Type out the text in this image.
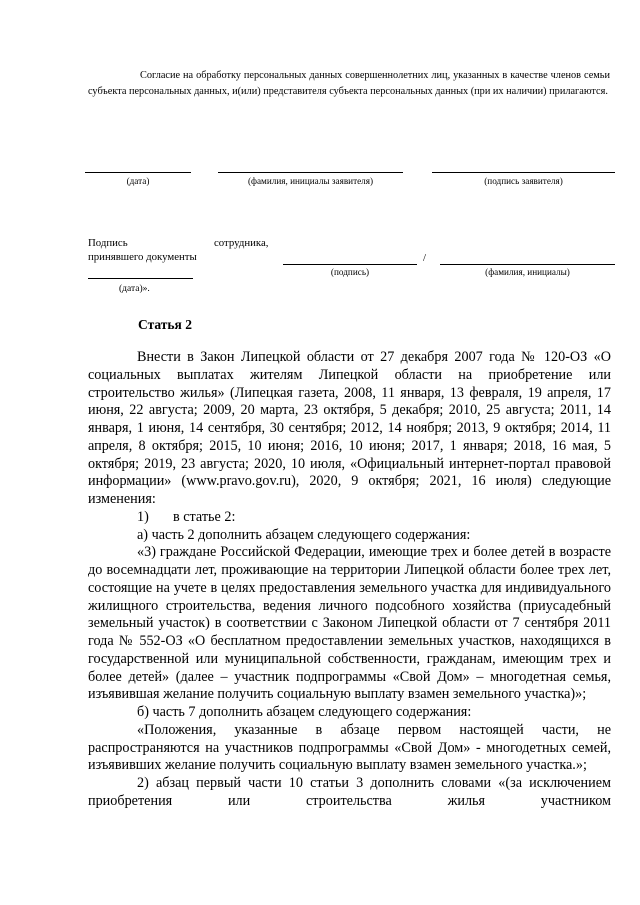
Согласие на обработку персональных данных совершеннолетних лиц, указанных в качестве членов семьи субъекта персональных данных, и(или) представителя субъекта персональных данных (при их наличии) прилагаются.

(дата)	(фамилия, инициалы заявителя)	(подпись заявителя)
Подпись	сотрудника,
принявшего документы	/
(подпись)	(фамилия, инициалы)
(дата)».
Статья 2

Внести в Закон Липецкой области от 27 декабря 2007 года № 120-ОЗ «О социальных выплатах жителям Липецкой области на приобретение или строительство жилья» (Липецкая газета, 2008, 11 января, 13 февраля, 19 апреля, 17 июня, 22 августа; 2009, 20 марта, 23 октября, 5 декабря; 2010, 25 августа; 2011, 14 января, 1 июня, 14 сентября, 30 сентября; 2012, 14 ноября; 2013, 9 октября; 2014, 11 апреля, 8 октября; 2015, 10 июня; 2016, 10 июня; 2017, 1 января; 2018, 16 мая, 5 октября; 2019, 23 августа; 2020, 10 июля, «Официальный интернет-портал правовой информации» (www.pravo.gov.ru), 2020, 9 октября; 2021, 16 июля) следующие изменения:

1) в статье 2:

а) часть 2 дополнить абзацем следующего содержания:

«3) граждане Российской Федерации, имеющие трех и более детей в возрасте до восемнадцати лет, проживающие на территории Липецкой области более трех лет, состоящие на учете в целях предоставления земельного участка для индивидуального жилищного строительства, ведения личного подсобного хозяйства (приусадебный земельный участок) в соответствии с Законом Липецкой области от 7 сентября 2011 года № 552-ОЗ «О бесплатном предоставлении земельных участков, находящихся в государственной или муниципальной собственности, гражданам, имеющим трех и более детей» (далее – участник подпрограммы «Свой Дом» – многодетная семья, изъявившая желание получить социальную выплату взамен земельного участка)»;

б) часть 7 дополнить абзацем следующего содержания:

«Положения, указанные в абзаце первом настоящей части, не распространяются на участников подпрограммы «Свой Дом» - многодетных семей, изъявивших желание получить социальную выплату взамен земельного участка.»;

2) абзац первый части 10 статьи 3 дополнить словами «(за исключением приобретения или строительства жилья участником
